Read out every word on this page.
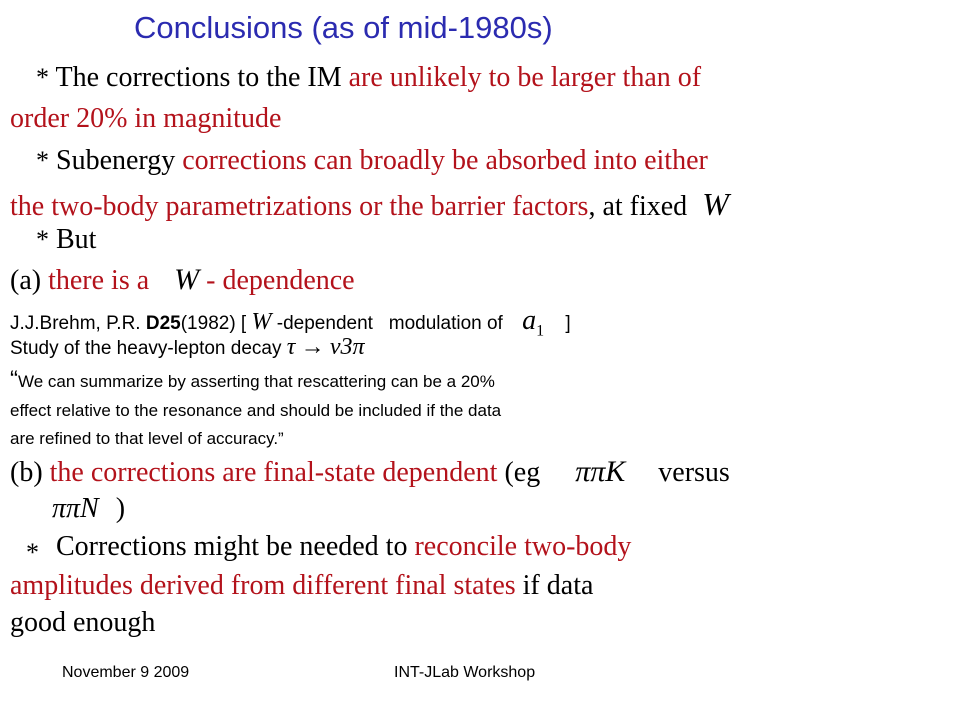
Conclusions (as of mid-1980s)
* The corrections to the IM are unlikely to be larger than of
order 20% in magnitude
* Subenergy corrections can broadly be absorbed into either
the two-body parametrizations or the barrier factors, at fixed W
* But
(a) there is a W - dependence
J.J.Brehm, P.R. D25(1982) [ W -dependent   modulation of $a_1$ ]
Study of the heavy-lepton decay τ → ν3π
“We can summarize by asserting that rescattering can be a 20%
effect relative to the resonance and should be included if the data
are refined to that level of accuracy.”
(b) the corrections are final-state dependent (eg ππK versus
ππN )
* Corrections might be needed to reconcile two-body
amplitudes derived from different final states if data
good enough
November 9 2009	INT-JLab Workshop
